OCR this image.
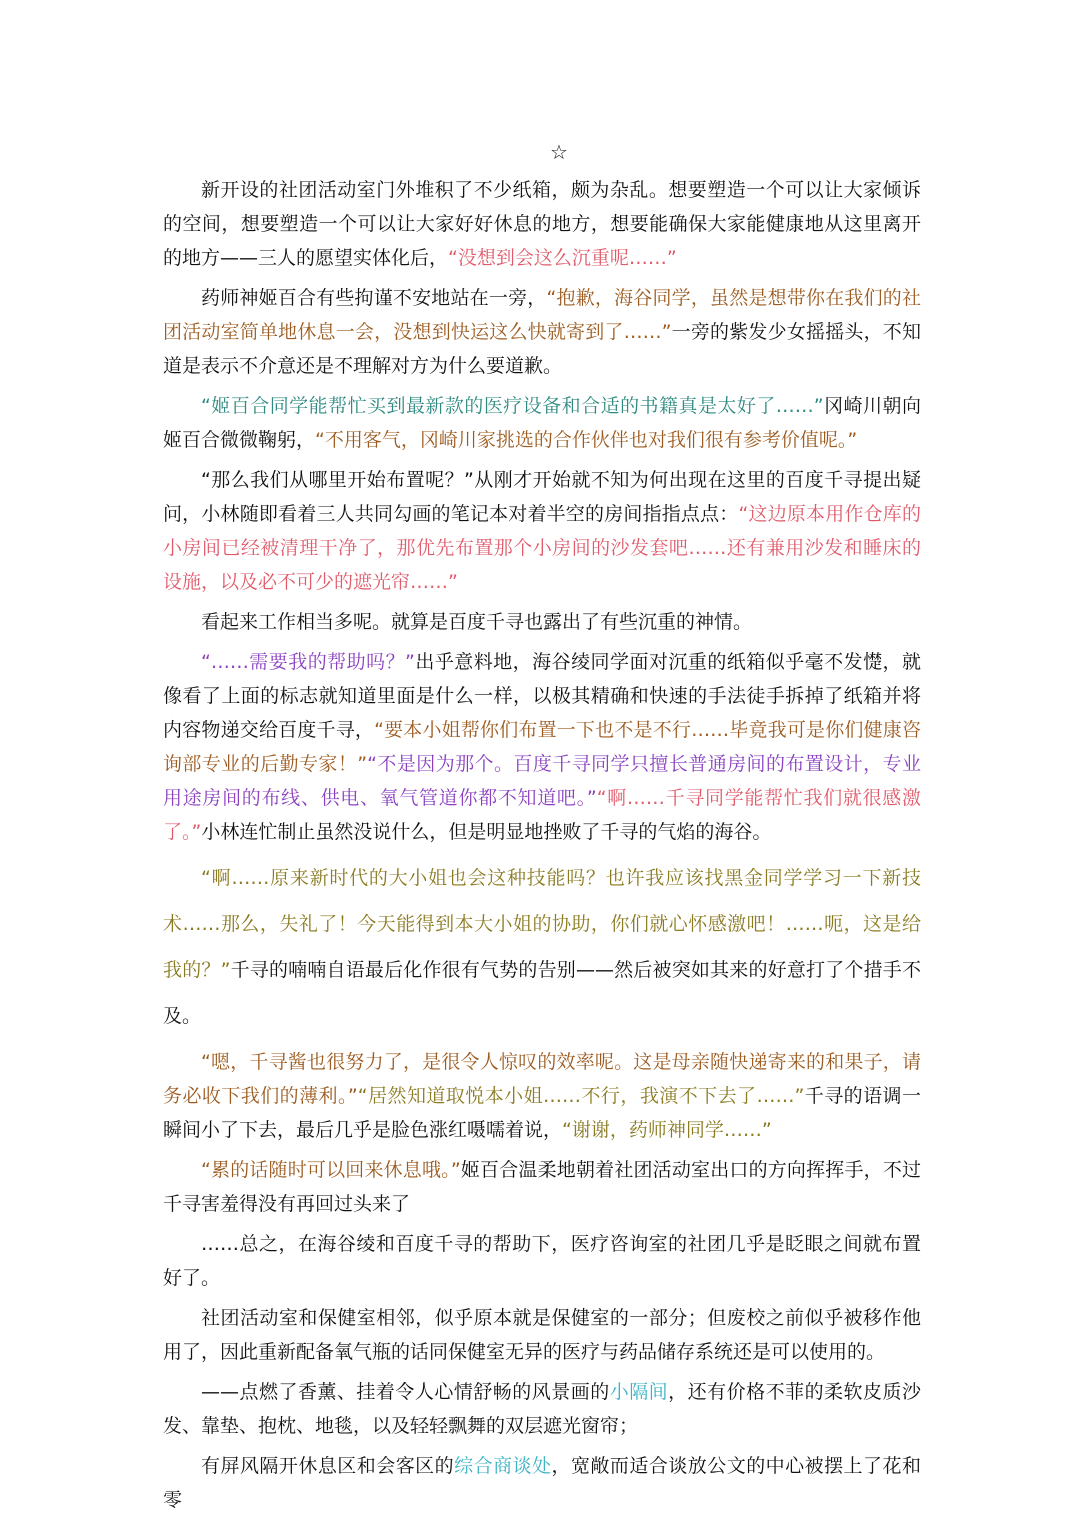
☆

新开设的社团活动室门外堆积了不少纸箱，颇为杂乱。想要塑造一个可以让大家倾诉的空间，想要塑造一个可以让大家好好休息的地方，想要能确保大家能健康地从这里离开的地方——三人的愿望实体化后，“没想到会这么沉重呢……”

药师神姬百合有些拘谨不安地站在一旁，“抱歉，海谷同学，虽然是想带你在我们的社团活动室简单地休息一会，没想到快运这么快就寄到了……”一旁的紫发少女摇摇头，不知道是表示不介意还是不理解对方为什么要道歉。

“姬百合同学能帮忙买到最新款的医疗设备和合适的书籍真是太好了……”冈崎川朝向姬百合微微鞠躬，“不用客气，冈崎川家挑选的合作伙伴也对我们很有参考价值呢。”

“那么我们从哪里开始布置呢？”从刚才开始就不知为何出现在这里的百度千寻提出疑问，小林随即看着三人共同勾画的笔记本对着半空的房间指指点点：“这边原本用作仓库的小房间已经被清理干净了，那优先布置那个小房间的沙发套吧……还有兼用沙发和睡床的设施，以及必不可少的遮光帘……”

看起来工作相当多呢。就算是百度千寻也露出了有些沉重的神情。

“……需要我的帮助吗？”出乎意料地，海谷绫同学面对沉重的纸箱似乎毫不发憷，就像看了上面的标志就知道里面是什么一样，以极其精确和快速的手法徒手拆掉了纸箱并将内容物递交给百度千寻，“要本小姐帮你们布置一下也不是不行……毕竟我可是你们健康咨询部专业的后勤专家！”“不是因为那个。百度千寻同学只擅长普通房间的布置设计，专业用途房间的布线、供电、氧气管道你都不知道吧。”“啊……千寻同学能帮忙我们就很感激了。”小林连忙制止虽然没说什么，但是明显地挫败了千寻的气焰的海谷。

“啊……原来新时代的大小姐也会这种技能吗？也许我应该找黑金同学学习一下新技术……那么，失礼了！今天能得到本大小姐的协助，你们就心怀感激吧！……呃，这是给我的？”千寻的喃喃自语最后化作很有气势的告别——然后被突如其来的好意打了个措手不及。

“嗯，千寻酱也很努力了，是很令人惊叹的效率呢。这是母亲随快递寄来的和果子，请务必收下我们的薄利。”“居然知道取悦本小姐……不行，我演不下去了……”千寻的语调一瞬间小了下去，最后几乎是脸色涨红嗫嚅着说，“谢谢，药师神同学……”

“累的话随时可以回来休息哦。”姬百合温柔地朝着社团活动室出口的方向挥挥手，不过千寻害羞得没有再回过头来了

……总之，在海谷绫和百度千寻的帮助下，医疗咨询室的社团几乎是眨眼之间就布置好了。

社团活动室和保健室相邻，似乎原本就是保健室的一部分；但废校之前似乎被移作他用了，因此重新配备氧气瓶的话同保健室无异的医疗与药品储存系统还是可以使用的。

——点燃了香薰、挂着令人心情舒畅的风景画的小隔间，还有价格不菲的柔软皮质沙发、靠垫、抱枕、地毯，以及轻轻飘舞的双层遮光窗帘；

有屏风隔开休息区和会客区的综合商谈处，宽敞而适合谈放公文的中心被摆上了花和零
